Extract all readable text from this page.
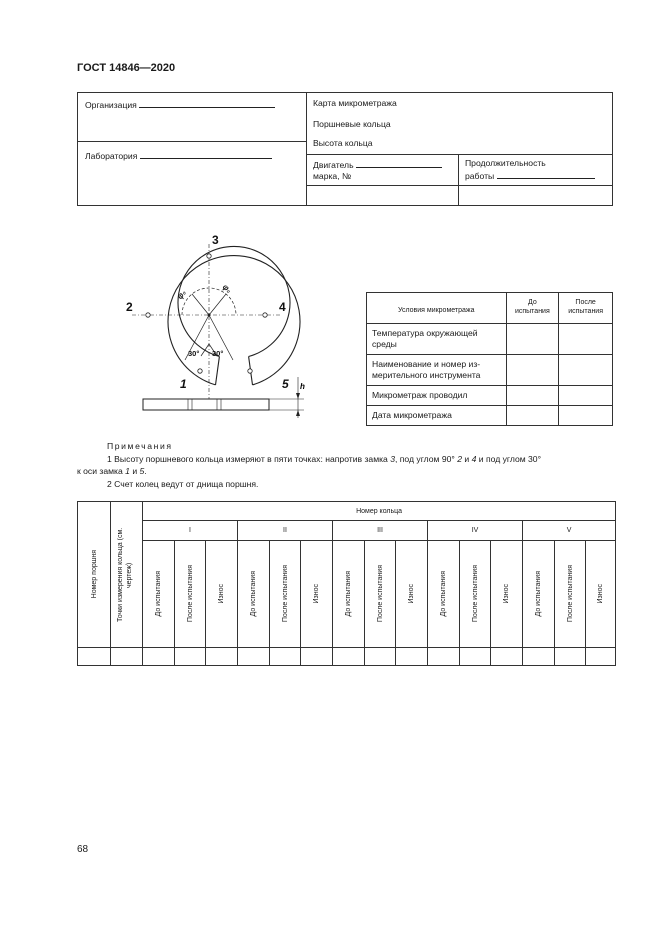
ГОСТ 14846—2020
Организация
Лаборатория
Карта микрометража
Поршневые кольца
Высота кольца
Двигатель
марка, №
Продолжительность
работы
3
2	4
1	5
30° 30°
φ₀	φ₀
h
Условия микрометража	До испытания	После испытания
Температура окружающей среды		
Наименование и номер из-мерительного инструмента		
Микрометраж проводил		
Дата микрометража		
Примечания
1 Высоту поршневого кольца измеряют в пяти точках: напротив замка 3, под углом 90° 2 и 4 и под углом 30°
к оси замка 1 и 5.
2 Счет колец ведут от днища поршня.
Номер поршня	Точки измерения кольца (см. чертеж)	Номер кольца														
		I			II			III			IV			V		

		До испытания	После испытания	Износ	До испытания	После испытания	Износ	До испытания	После испытания	Износ	До испытания	После испытания	Износ	До испытания	После испытания	Износ

68
